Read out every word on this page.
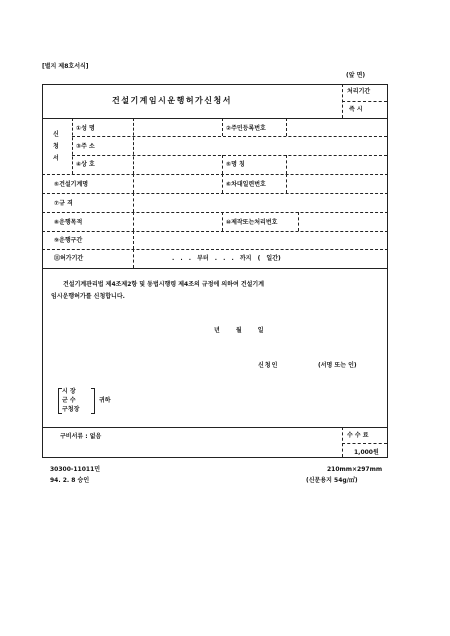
[별지 제8호서식]
(앞 면)
건설기계임시운행허가신청서
처리기간
즉 시
신
청
서
①성 명	②주민등록번호
③주 소
④상 호	⑤명 칭
⑤건설기계명	⑥차대일련번호
⑦규 격
⑧운행목적	⑩제작또는처리번호
⑨운행구간
⑪허가기간	. . . 부터 . . . 까지 ( 일간)
건설기계관리법 제4조제2항 및 동법시행령 제4조의 규정에 의하여 건설기계
임시운행허가를 신청합니다.
년 월 일
신청인	(서명 또는 인)
시 장
군 수
구청장
귀하
구비서류 : 없음	수 수 료
1,000원
30300-11011민
94. 2. 8 승인
210mm×297mm
(신문용지 54g/㎡)
